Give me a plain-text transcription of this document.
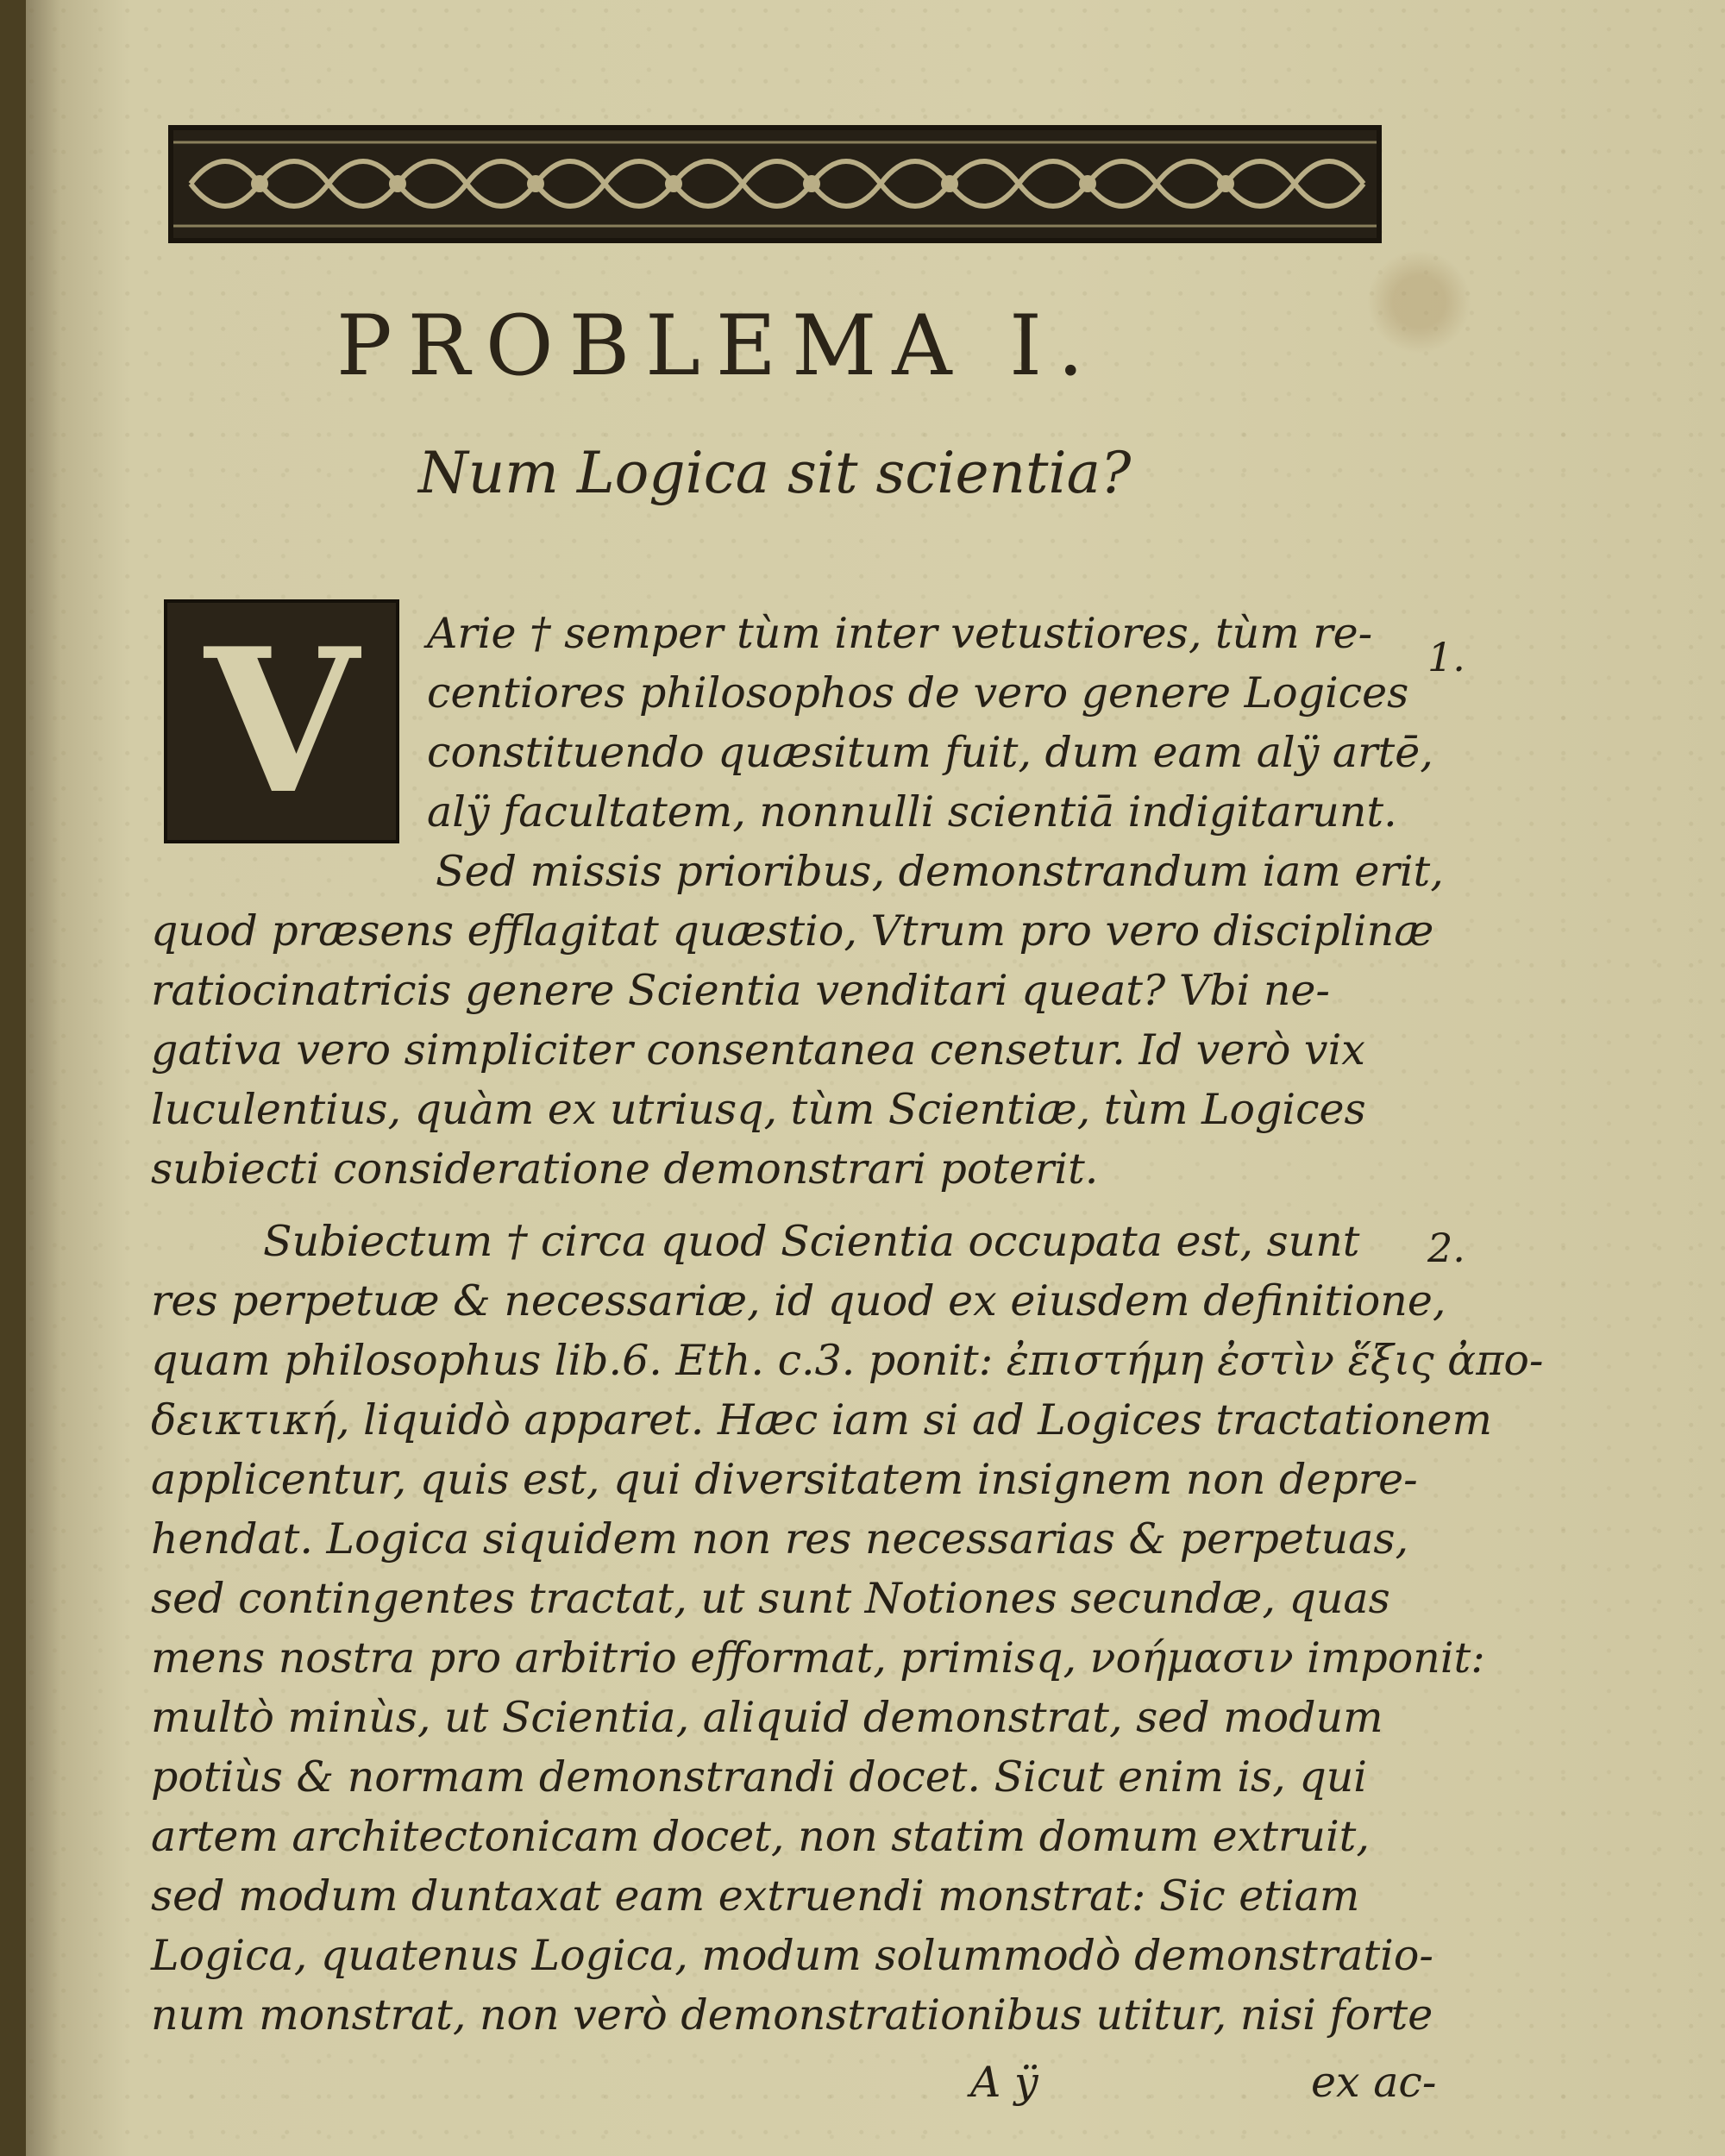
PROBLEMA I.
Num Logica sit scientia?
V Arie † semper tùm inter vetustiores, tùm re-
centiores philosophos de vero genere Logices
constituendo quæsitum fuit, dum eam alÿ artē,
alÿ facultatem, nonnulli scientiā indigitarunt.
Sed missis prioribus, demonstrandum iam erit,
quod præsens efflagitat quæstio, Vtrum pro vero disciplinæ
ratiocinatricis genere Scientia venditari queat? Vbi ne-
gativa vero simpliciter consentanea censetur. Id verò vix
luculentius, quàm ex utriusq, tùm Scientiæ, tùm Logices
subiecti consideratione demonstrari poterit.
Subiectum † circa quod Scientia occupata est, sunt
res perpetuæ & necessariæ, id quod ex eiusdem definitione,
quam philosophus lib.6. Eth. c.3. ponit: ἐπιστήμη ἐστὶν ἕξις ἀπο-
δεικτική, liquidò apparet. Hæc iam si ad Logices tractationem
applicentur, quis est, qui diversitatem insignem non depre-
hendat. Logica siquidem non res necessarias & perpetuas,
sed contingentes tractat, ut sunt Notiones secundæ, quas
mens nostra pro arbitrio efformat, primisq, νοήμασιν imponit:
multò minùs, ut Scientia, aliquid demonstrat, sed modum
potiùs & normam demonstrandi docet. Sicut enim is, qui
artem architectonicam docet, non statim domum extruit,
sed modum duntaxat eam extruendi monstrat: Sic etiam
Logica, quatenus Logica, modum solummodò demonstratio-
num monstrat, non verò demonstrationibus utitur, nisi forte
1.
2.
A ÿ	ex ac-
